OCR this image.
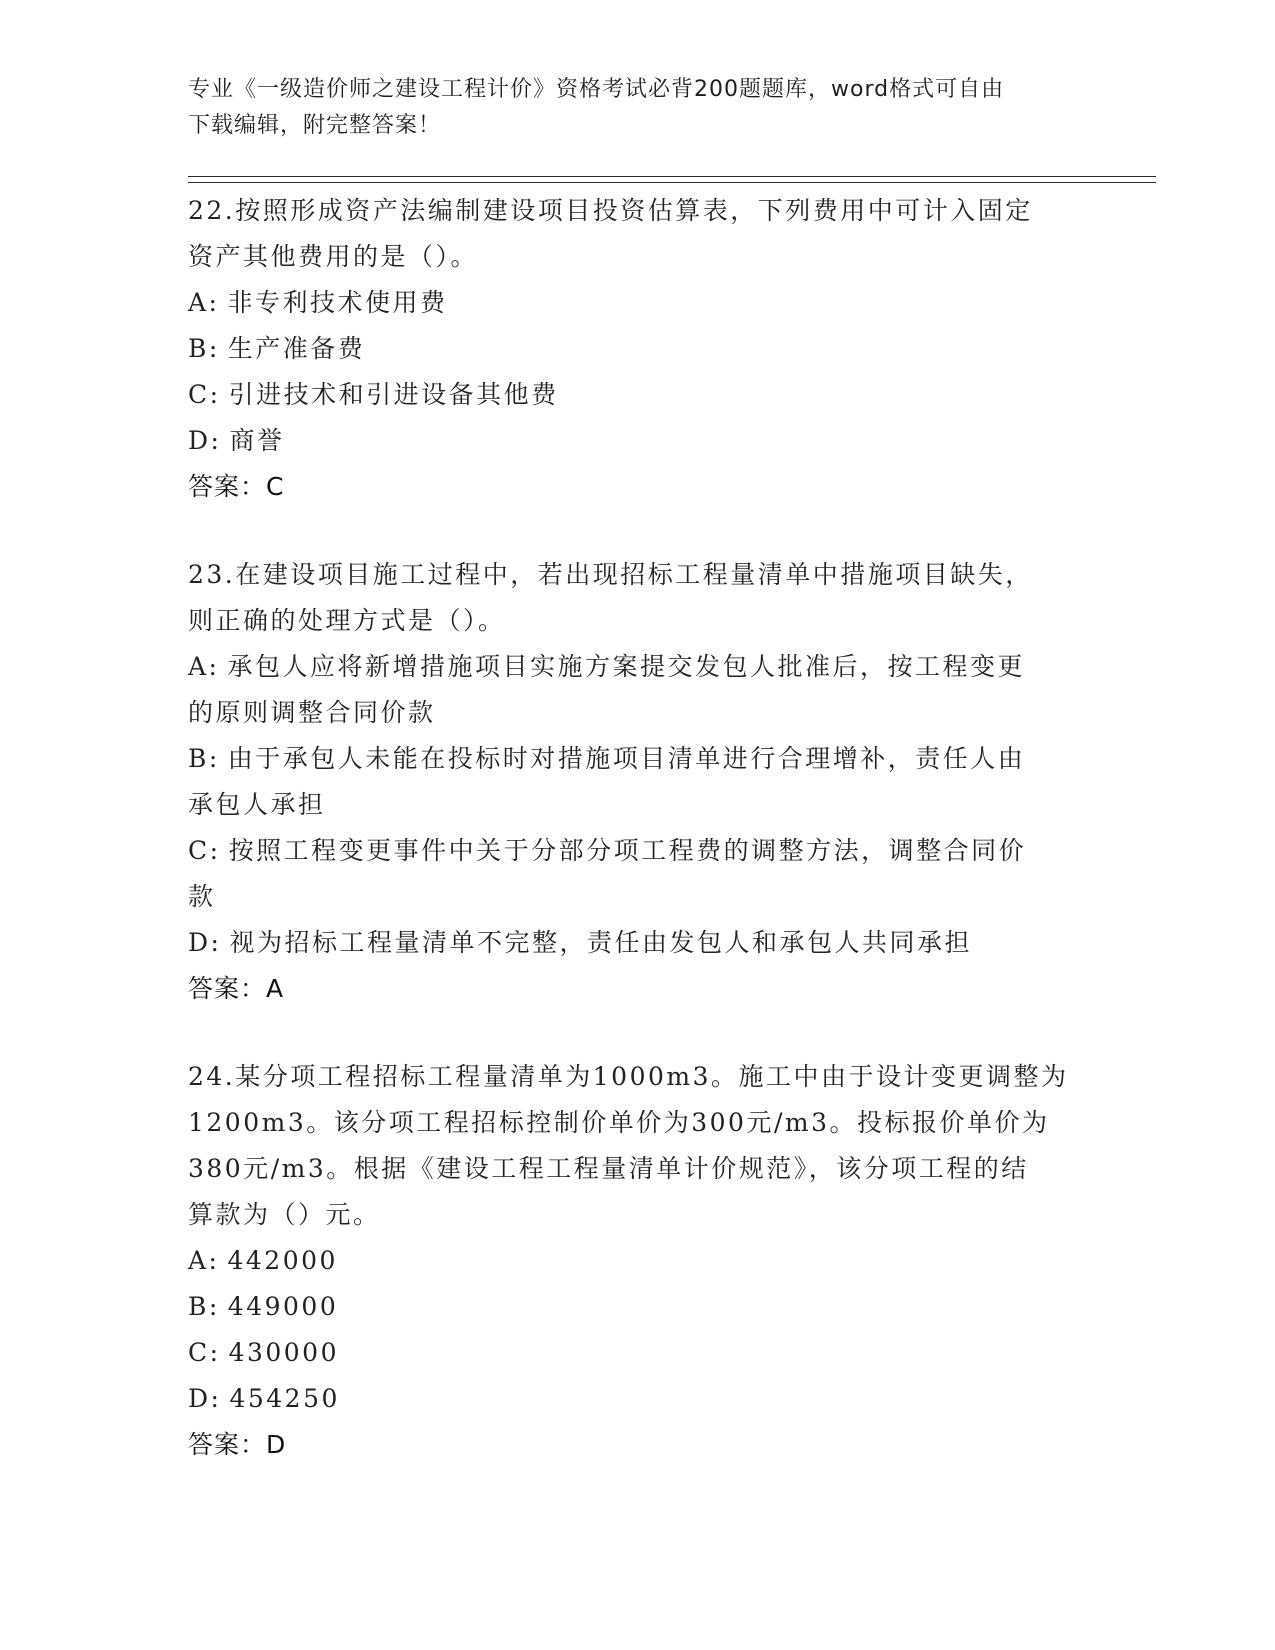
专业《一级造价师之建设工程计价》资格考试必背200题题库，word格式可自由
下载编辑，附完整答案！
22.按照形成资产法编制建设项目投资估算表，下列费用中可计入固定
资产其他费用的是（）。
A: 非专利技术使用费
B: 生产准备费
C: 引进技术和引进设备其他费
D: 商誉
答案：C
23.在建设项目施工过程中，若出现招标工程量清单中措施项目缺失，
则正确的处理方式是（）。
A: 承包人应将新增措施项目实施方案提交发包人批准后，按工程变更
的原则调整合同价款
B: 由于承包人未能在投标时对措施项目清单进行合理增补，责任人由
承包人承担
C: 按照工程变更事件中关于分部分项工程费的调整方法，调整合同价
款
D: 视为招标工程量清单不完整，责任由发包人和承包人共同承担
答案：A
24.某分项工程招标工程量清单为1000m3。施工中由于设计变更调整为
1200m3。该分项工程招标控制价单价为300元/m3。投标报价单价为
380元/m3。根据《建设工程工程量清单计价规范》，该分项工程的结
算款为（）元。
A: 442000
B: 449000
C: 430000
D: 454250
答案：D
